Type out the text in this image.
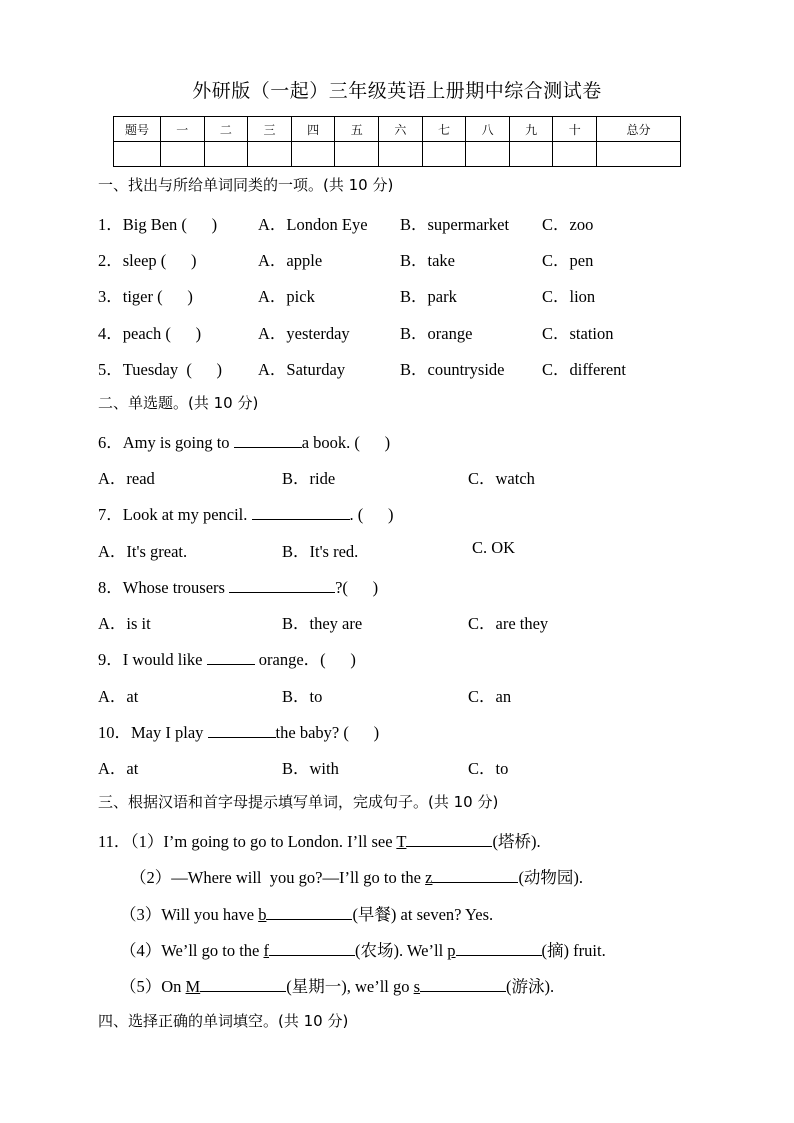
外研版（一起）三年级英语上册期中综合测试卷
题号	一	二	三	四	五	六	七	八	九	十	总分

一、找出与所给单词同类的一项。(共 10 分)
1．Big Ben (      ) A．London Eye B．supermarket C．zoo
2．sleep (      )	A．apple	B．take	C．pen
3．tiger (      )	A．pick	B．park	C．lion
4．peach (      )	A．yesterday	B．orange	C．station
5．Tuesday  (      ) A．Saturday	B．countryside C．different
二、单选题。(共 10 分)
6．Amy is going to	a book. (      )
A．read	B．ride	C．watch
7．Look at my pencil.	. (      )
A．It's great.	B．It's red.	C. OK
8．Whose trousers	?(      )
A．is it	B．they are	C．are they
9．I would like	orange．(      )
A．at	B．to	C．an
10．May I play	the baby? (      )
A．at	B．with	C．to
三、根据汉语和首字母提示填写单词，完成句子。(共 10 分)
11．（1）I’m going to go to London. I’ll see T	(塔桥).
（2）—Where will  you go?—I’ll go to the z	(动物园).
（3）Will you have b	(早餐) at seven? Yes.
（4）We’ll go to the f	(农场). We’ll p	(摘) fruit.
（5）On M	(星期一), we’ll go s	(游泳).
四、选择正确的单词填空。(共 10 分)
